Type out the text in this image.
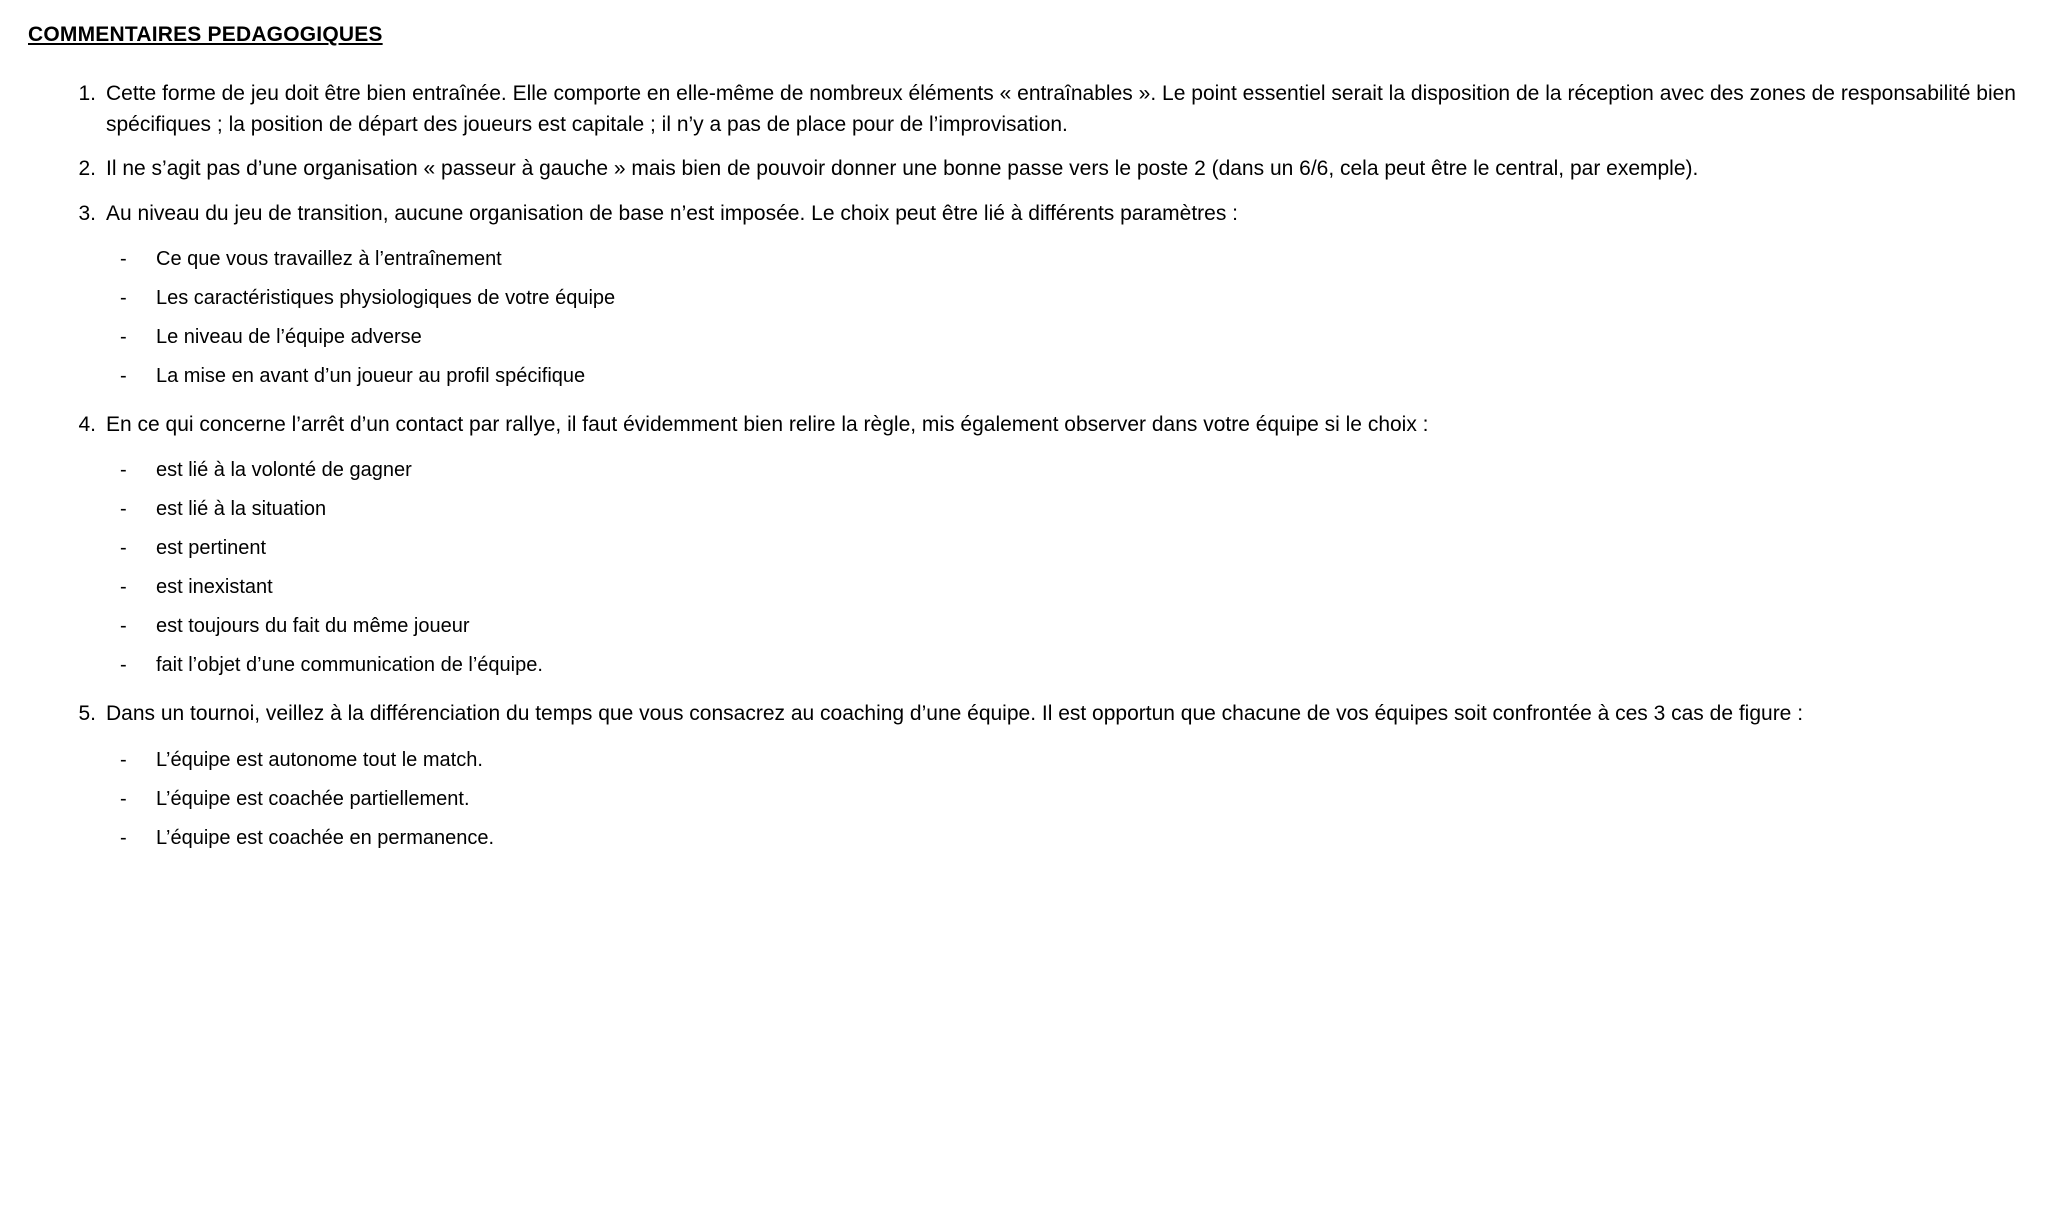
COMMENTAIRES PEDAGOGIQUES
1. Cette forme de jeu doit être bien entraînée. Elle comporte en elle-même de nombreux éléments « entraînables ». Le point essentiel serait la disposition de la réception avec des zones de responsabilité bien spécifiques ; la position de départ des joueurs est capitale ; il n’y a pas de place pour de l’improvisation.
2. Il ne s’agit pas d’une organisation « passeur à gauche » mais bien de pouvoir donner une bonne passe vers le poste 2 (dans un 6/6, cela peut être le central, par exemple).
3. Au niveau du jeu de transition, aucune organisation de base n’est imposée. Le choix peut être lié à différents paramètres :
- Ce que vous travaillez à l’entraînement
- Les caractéristiques physiologiques de votre équipe
- Le niveau de l’équipe adverse
- La mise en avant d’un joueur au profil spécifique
4. En ce qui concerne l’arrêt d’un contact par rallye, il faut évidemment bien relire la règle, mis également observer dans votre équipe si le choix :
- est lié à la volonté de gagner
- est lié à la situation
- est pertinent
- est inexistant
- est toujours du fait du même joueur
- fait l’objet d’une communication de l’équipe.
5. Dans un tournoi, veillez à la différenciation du temps que vous consacrez au coaching d’une équipe. Il est opportun que chacune de vos équipes soit confrontée à ces 3 cas de figure :
- L’équipe est autonome tout le match.
- L’équipe est coachée partiellement.
- L’équipe est coachée en permanence.
